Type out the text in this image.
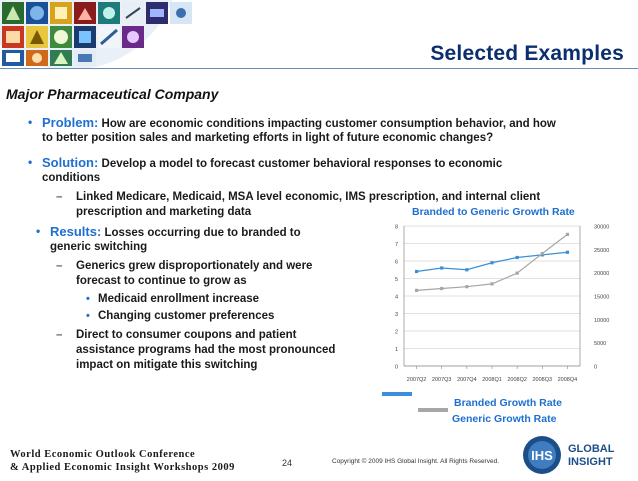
Selected Examples
Major Pharmaceutical Company
• Problem: How are economic conditions impacting customer consumption behavior, and how
to better position sales and marketing efforts in light of future economic changes?
• Solution: Develop a model to forecast customer behavioral responses to economic
conditions
– Linked Medicare, Medicaid, MSA level economic, IMS prescription, and internal client
prescription and marketing data
• Results: Losses occurring due to branded to
generic switching
– Generics grew disproportionately and were
forecast to continue to grow as
• Medicaid enrollment increase
• Changing customer preferences
– Direct to consumer coupons and patient
assistance programs had the most pronounced
impact on mitigate this switching
Branded to Generic Growth Rate
0
1
2
3
4
5
6
7
8
0
5000
10000
15000
20000
25000
30000
2007Q2 2007Q3 2007Q4 2008Q1 2008Q2 2008Q3 2008Q4
Branded Growth Rate
Generic Growth Rate
World Economic Outlook Conference
& Applied Economic Insight Workshops 2009	24	Copyright © 2009 IHS Global Insight. All Rights Reserved. IHS GLOBAL
INSIGHT
